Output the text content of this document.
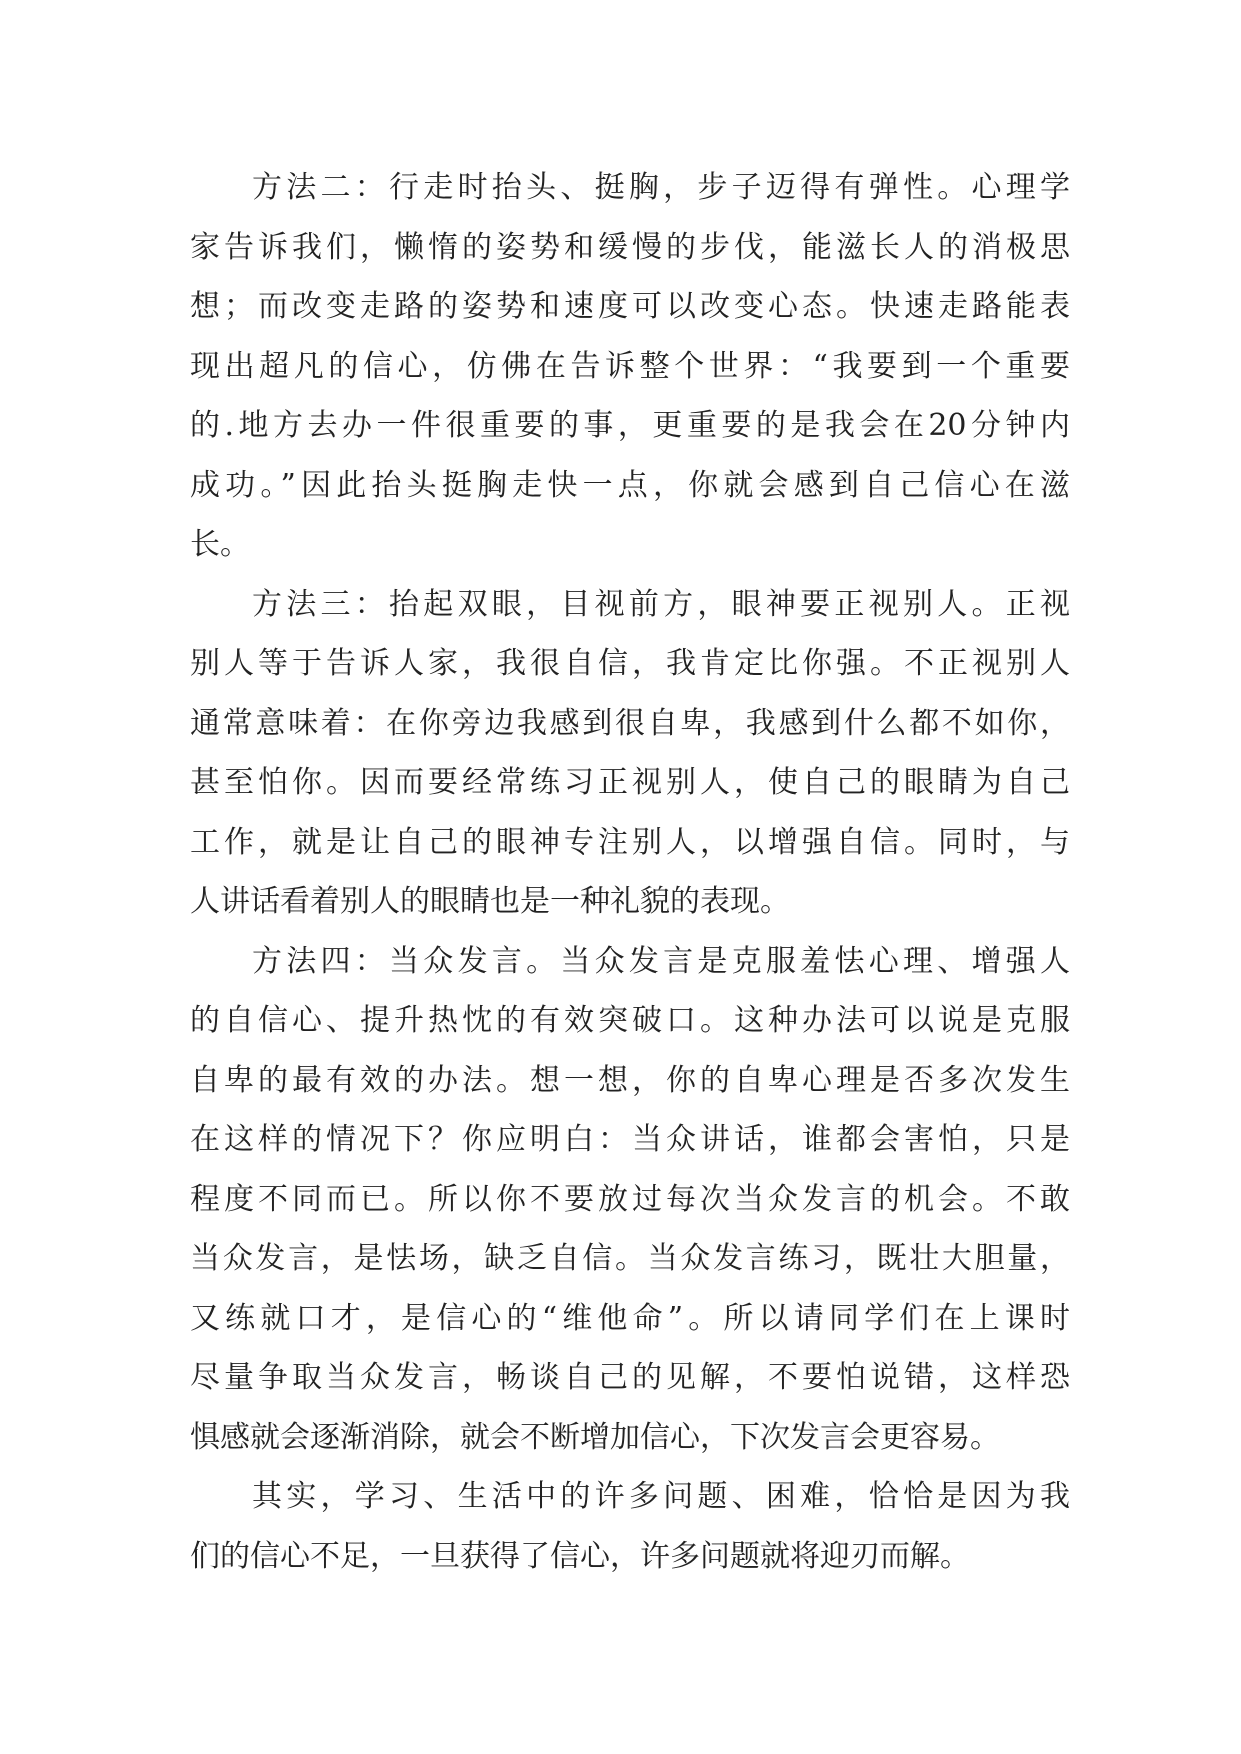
方法二：行走时抬头、挺胸，步子迈得有弹性。心理学
家告诉我们，懒惰的姿势和缓慢的步伐，能滋长人的消极思
想；而改变走路的姿势和速度可以改变心态。快速走路能表
现出超凡的信心，仿佛在告诉整个世界：“我要到一个重要
的.地方去办一件很重要的事，更重要的是我会在20分钟内
成功。”因此抬头挺胸走快一点，你就会感到自己信心在滋
长。
方法三：抬起双眼，目视前方，眼神要正视别人。正视
别人等于告诉人家，我很自信，我肯定比你强。不正视别人
通常意味着：在你旁边我感到很自卑，我感到什么都不如你，
甚至怕你。因而要经常练习正视别人，使自己的眼睛为自己
工作，就是让自己的眼神专注别人，以增强自信。同时，与
人讲话看着别人的眼睛也是一种礼貌的表现。
方法四：当众发言。当众发言是克服羞怯心理、增强人
的自信心、提升热忱的有效突破口。这种办法可以说是克服
自卑的最有效的办法。想一想，你的自卑心理是否多次发生
在这样的情况下？你应明白：当众讲话，谁都会害怕，只是
程度不同而已。所以你不要放过每次当众发言的机会。不敢
当众发言，是怯场，缺乏自信。当众发言练习，既壮大胆量，
又练就口才，是信心的“维他命”。所以请同学们在上课时
尽量争取当众发言，畅谈自己的见解，不要怕说错，这样恐
惧感就会逐渐消除，就会不断增加信心，下次发言会更容易。
其实，学习、生活中的许多问题、困难，恰恰是因为我
们的信心不足，一旦获得了信心，许多问题就将迎刃而解。
